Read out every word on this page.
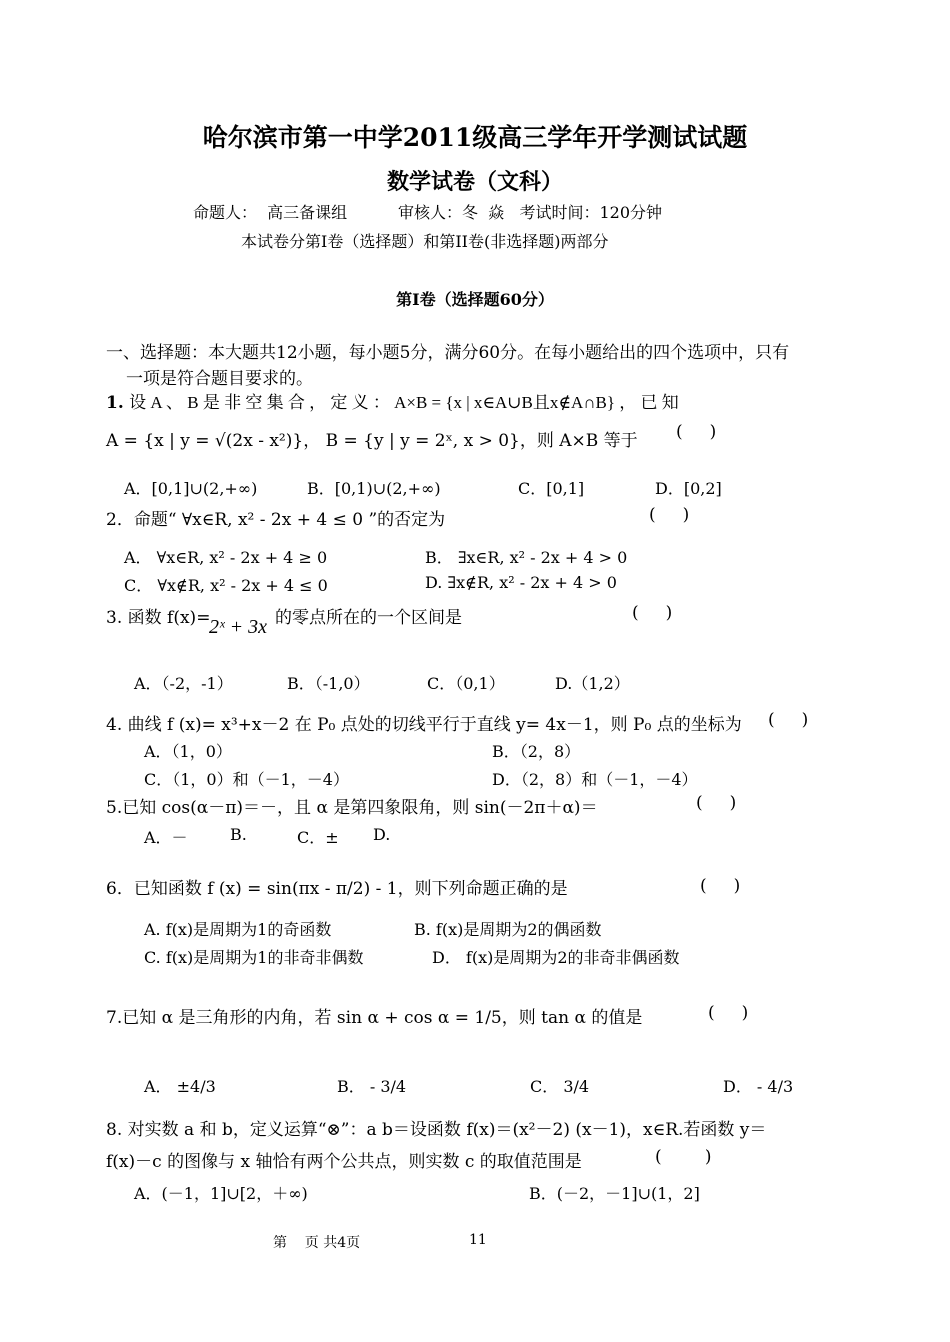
哈尔滨市第一中学2011级高三学年开学测试试题
数学试卷（文科）
命题人：  高三备课组          审核人：冬  焱   考试时间：120分钟
本试卷分第I卷（选择题）和第II卷(非选择题)两部分
第I卷（选择题60分）
一、选择题：本大题共12小题，每小题5分，满分60分。在每小题给出的四个选项中，只有
一项是符合题目要求的。
1. 设 A 、 B 是 非 空 集 合 ， 定 义 ： A×B = {x | x∈A∪B且x∉A∩B} ， 已 知
A = {x | y = √(2x - x²)}， B = {y | y = 2ˣ, x > 0}，则 A×B 等于 (     )
A．[0,1]∪(2,+∞)	B．[0,1)∪(2,+∞)	C．[0,1]	D．[0,2]
2．命题“ ∀x∈R, x² - 2x + 4 ≤ 0 ”的否定为	(     )
A． ∀x∈R, x² - 2x + 4 ≥ 0	B． ∃x∈R, x² - 2x + 4 > 0
C． ∀x∉R, x² - 2x + 4 ≤ 0	D. ∃x∉R, x² - 2x + 4 > 0
3. 函数 f(x)=
2ˣ + 3x 的零点所在的一个区间是	(     )
A．（-2，-1）	B．（-1,0）	C．（0,1）	D.（1,2）
4. 曲线 f (x)= x³+x－2 在 P₀ 点处的切线平行于直线 y= 4x－1，则 P₀ 点的坐标为 (     )
A．（1，0）	B．（2，8）
C．（1，0）和（－1，－4）	D．（2，8）和（－1，－4）
5.已知 cos(α－π)＝－，且 α 是第四象限角，则 sin(－2π＋α)＝	(     )
A．－	B.	C．± D.
6．已知函数 f (x) = sin(πx - π/2) - 1，则下列命题正确的是	(     )
A. f(x)是周期为1的奇函数	B. f(x)是周期为2的偶函数
C. f(x)是周期为1的非奇非偶数	D． f(x)是周期为2的非奇非偶函数
7.已知 α 是三角形的内角，若 sin α + cos α = 1/5，则 tan α 的值是	(     )
A． ±4/3	B． - 3/4	C． 3/4	D． - 4/3
8. 对实数 a 和 b，定义运算“⊗”：a b＝设函数 f(x)＝(x²－2) (x－1)，x∈R.若函数 y＝
f(x)－c 的图像与 x 轴恰有两个公共点，则实数 c 的取值范围是	(        )
A．(－1，1]∪[2，＋∞)	B．(－2，－1]∪(1，2]
第    页 共4页	11
